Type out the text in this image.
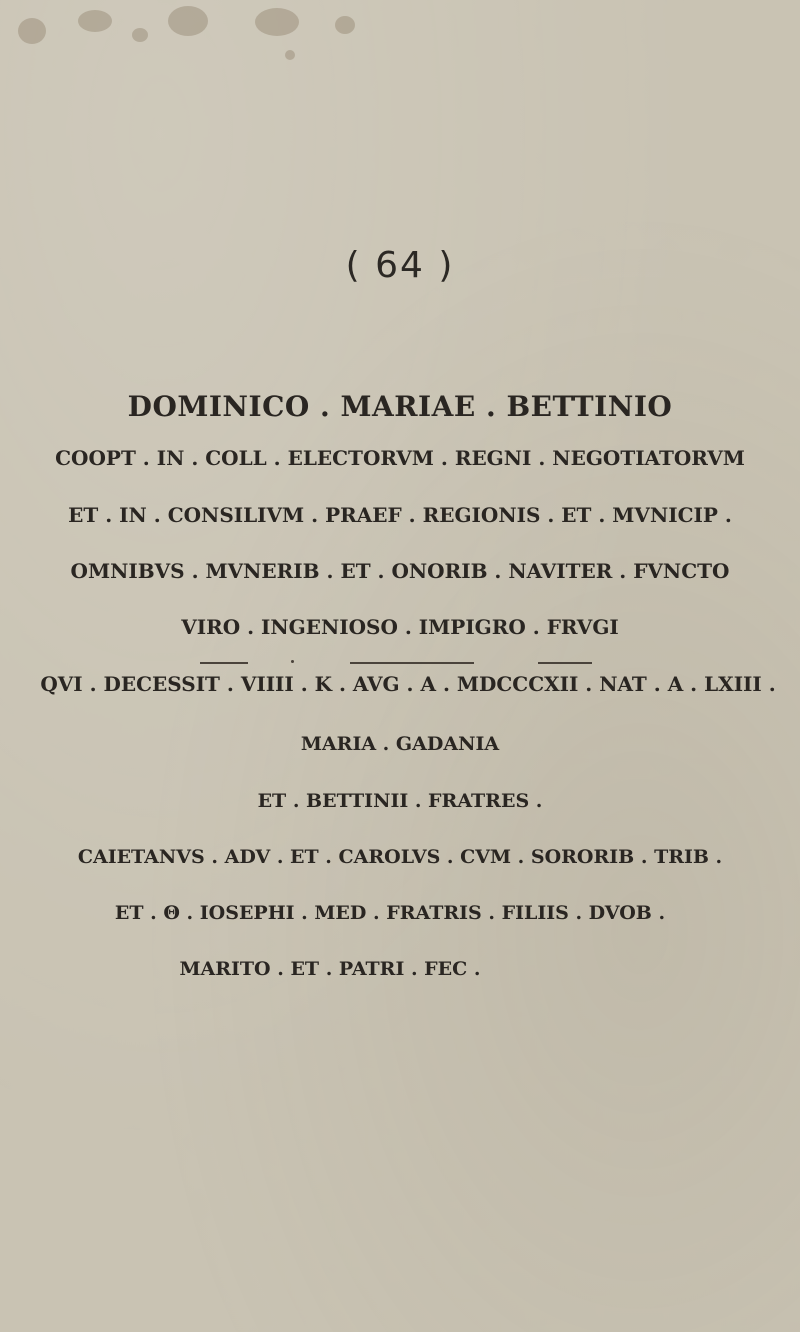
( 64 )
DOMINICO . MARIAE . BETTINIO
COOPT . IN . COLL . ELECTORVM . REGNI . NEGOTIATORVM
ET . IN . CONSILIVM . PRAEF . REGIONIS . ET . MVNICIP .
OMNIBVS . MVNERIB . ET . ONORIB . NAVITER . FVNCTO
VIRO . INGENIOSO . IMPIGRO . FRVGI
QVI . DECESSIT . VIIII . K . AVG . A . MDCCCXII . NAT . A . LXIII .
MARIA . GADANIA
ET . BETTINII . FRATRES .
CAIETANVS . ADV . ET . CAROLVS . CVM . SORORIB . TRIB .
ET . Θ . IOSEPHI . MED . FRATRIS . FILIIS . DVOB .
MARITO . ET . PATRI . FEC .
